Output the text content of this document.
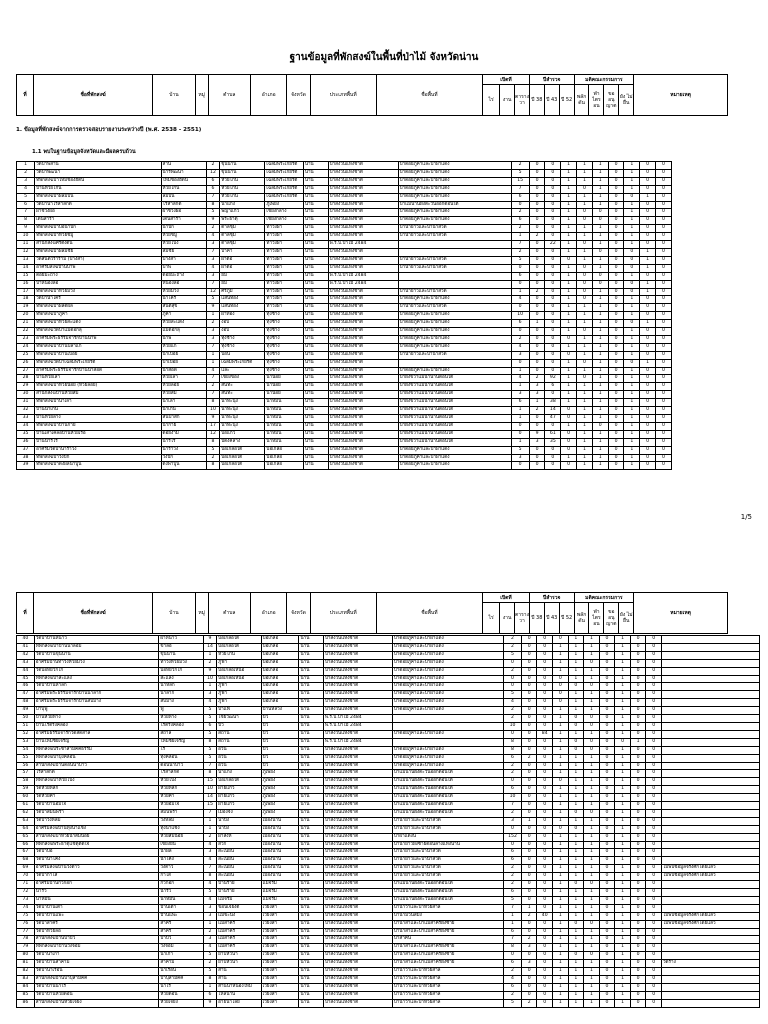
ฐานข้อมูลที่พักสงฆ์ในพื้นที่ป่าไม้ จังหวัดน่าน
ที่	ชื่อที่พักสงฆ์	บ้าน	หมู่	ตำบล	อำเภอ	จังหวัด	ประเภทพื้นที่	ชื่อพื้นที่	เปิดที			ปีสำรวจ			มติคณะกรรมการ				หมายเหตุ
									ไร่	งาน	ตาราง วา	ปี 38	ปี 43	ปี 52	พลัก ดัน	ฟ่า ไตร อน	ขอ อนุ ญาต	ยัง ไม่ ยื่น	
1. ข้อมูลที่พักสงฆ์จากการตรวจสอบรายงานระหว่างปี (พ.ศ. 2538 - 2551)
1.1 พบในฐานข้อมูลจังหวัดและมีผลครบถ้วน
1	วัดป่าพลำน	ส่าน	2	ขุนน่าน	เฉลิมพระเกียรติ	น่าน	ป่าสงวนแห่งชาติ	ป่าดอยภูคาและป่าผาแดง	2	0	0	1	1	1	0	1	0	0
2	วัดป่าพัฒนา	น้ำรีพัฒนา	12	ขุนน่าน	เฉลิมพระเกียรติ	น่าน	ป่าสงวนแห่งชาติ	ป่าดอยภูคาและป่าผาแดง	5	0	0	1	1	1	0	1	0	0
3	ที่พักสงฆ์ป่าใหม่ช่องฮัตน์	ใหม่ช่องฮัตน์	6	ห้วยโก๋น	เฉลิมพระเกียรติ	น่าน	ป่าสงวนแห่งชาติ	ป่าดอยภูคาและป่าผาแดง	15	0	0	1	1	1	0	1	0	0
4	บ้านห้วยโก๋น	ห้วยโก๋น	6	ห้วยโก๋น	เฉลิมพระเกียรติ	น่าน	ป่าสงวนแห่งชาติ	ป่าดอยภูคาและป่าผาแดง	7	0	0	1	0	1	0	1	0	0
5	ที่พักสงฆ์ป่าผลมปีน	ลมปีน	7	ห้วยโก๋น	เฉลิมพระเกียรติ	น่าน	ป่าสงวนแห่งชาติ	ป่าดอยภูคาและป่าผาแดง	6	0	0	1	1	1	0	0	1	0
6	วัดป่านาโรสาลิกด์	โรสาลิกด์	8	นาแก่ง	ภูเพียง	น่าน	ป่าสงวนแห่งชาติ	ป่าแม่น่านฝั่งตะวันออกตอนใต้	0	0	0	1	1	1	0	1	0	0
7	ผาช่วงผอ	ผาช่วงผอ	5	พญาแก้ว	เชียงกลาง	น่าน	ป่าสงวนแห่งชาติ	ป่าดอยภูคาและป่าผาแดง	2	0	0	1	0	0	0	1	0	0
8	เด่นสารา	เด่นสารา	9	พระธาตุ	เชียงกลาง	น่าน	ป่าสงวนแห่งชาติ	ป่าดอยภูคาและป่าผาแดง	6	0	0	1	0	0	0	1	0	0
9	ที่พักสงฆ์ป่าบ่อน้ำปิก	น้ำปิก	2	ตาลชุม	ท่าวังผา	น่าน	ป่าสงวนแห่งชาติ	ป่าน้ำยาวและป่าน้ำสวด	2	0	0	1	1	1	0	1	0	0
10	ที่พักสงฆ์ป่าห้วยชมู	ห้วยชมู	4	ตาลชุม	ท่าวังผา	น่าน	ป่าสงวนแห่งชาติ	ป่าน้ำยาวและป่าน้ำสวด	1	2	0	1	1	1	0	1	0	0
11	สำนักสงฆ์ศรีตั้งตน	ห้วยโป่ง	3	ตาลชุม	ท่าวังผา	น่าน	พ.ร.บ.ป่าไม้ 2484		7	0	22	1	0	1	0	1	0	0
12	ที่พักสงฆ์ป่าผลมชัย	สมชัย	7	ป่าคา	ท่าวังผา	น่าน	ป่าสงวนแห่งชาติ		2	0	0	1	1	0	0	0	1	0
13	วัดสันติวราราม (ปางสา)	ปางสา	3	ผาตอ	ท่าวังผา	น่าน	ป่าสงวนแห่งชาติ	ป่าน้ำยาวและป่าน้ำสวด	5	0	0	0	1	1	0	0	1	0
14	อาศรมสงฆ์บ้านปาพ	ปาพ	4	ผาตอ	ท่าวังผา	น่าน	ป่าสงวนแห่งชาติ	ป่าน้ำยาวและป่าน้ำสวด	0	0	0	1	0	1	0	0	1	0
15	ดอยมะถาง	ดอยมะถาง	3	ยม	ท่าวังผา	น่าน	พ.ร.บ.ป่าไม้ 2484		6	0	0	1	0	0	0	1	0	0
16	ป่าหนองล่อ	หนองล่อ	7	ยม	ท่าวังผา	น่าน	พ.ร.บ.ป่าไม้ 2484		0	0	0	1	0	0	0	0	1	0
17	ที่พักสงฆ์ป่าห้วยม่วง	ห้วยม่วง	12	ศรีภูมิ	ท่าวังผา	น่าน	ป่าสงวนแห่งชาติ	ป่าน้ำยาวและป่าน้ำสวด	1	2	0	1	0	1	0	0	1	0
18	วัดป่าน้ำไคร้	น้ำไคร้	5	แสนทอง	ท่าวังผา	น่าน	ป่าสงวนแห่งชาติ	ป่าดอยภูคาและป่าผาแดง	4	0	0	1	0	1	0	1	0	0
19	ที่พักสงฆ์ป่าผลิตผล	สันติสุข	9	แสนทอง	ท่าวังผา	น่าน	ป่าสงวนแห่งชาติ	ป่าน้ำยาวและป่าน้ำสวด	0	0	0	1	1	1	0	1	0	0
20	ที่พักสงฆ์ป่าภูคา	ภูคา	1	ผาทอง	ทุ่งช้าง	น่าน	ป่าสงวนแห่งชาติ	ป่าดอยภูคาและป่าผาแดง	10	0	0	1	1	1	0	1	0	0
21	ที่พักสงฆ์ป่าห้วยสะแตง	ห้วยสะแตง	2	งอบ	ทุ่งช้าง	น่าน	ป่าสงวนแห่งชาติ	ป่าดอยภูคาและป่าผาแดง	6	1	0	1	1	1	0	0	1	0
22	ที่พักสงฆ์วัดป่าแม่ดอกลุ	แม่ดอกลุ	3	งอบ	ทุ่งช้าง	น่าน	ป่าสงวนแห่งชาติ	ป่าดอยภูคาและป่าผาแดง	0	0	0	1	0	1	0	1	0	0
23	อาศรมพระธรรมจาริกบ้านน้ำพี	น้ำพี	3	ทุ่งช้าง	ทุ่งช้าง	น่าน	ป่าสงวนแห่งชาติ	ป่าดอยภูคาและป่าผาแดง	2	0	0	0	1	1	0	1	0	0
24	ที่พักสงฆ์ป่าบ้านปลาแก	ห้วยแก	7	ทุ่งช้าง	ทุ่งช้าง	น่าน	ป่าสงวนแห่งชาติ	ป่าดอยภูคาและป่าผาแดง	4	0	0	1	1	1	0	1	0	0
25	ที่พักสงฆ์ป่าบ้านเปือย	น้ำเปือย	1	ปอน	ทุ่งช้าง	น่าน	ป่าสงวนแห่งชาติ	ป่าน้ำยาวและป่าน้ำสวด	3	0	0	0	1	1	0	1	0	0
26	ที่พักสงฆ์วัดป่าเฉลิมพระเกียรติ	ป่าเปือย	1	เฉลิมพระเกียรติ	ทุ่งช้าง	น่าน	ป่าสงวนแห่งชาติ		0	0	0	1	0	1	0	0	1	0
27	อาศรมพระธรรมจาริกบ้านน้ำสอด	น้ำสอด	4	และ	ทุ่งช้าง	น่าน	ป่าสงวนแห่งชาติ	ป่าดอยภูคาและป่าผาแดง	1	0	0	1	1	1	0	1	0	0
28	บ้านห้วยเลา	ห้วยเลา	7	เชียงของ	นาน้อย	น่าน	ป่าสงวนแห่งชาติ	ป่าฝั่งขวาแม่น้ำน่านตอนใต้	4	2	92	1	0	1	0	1	0	0
29	ที่พักสงฆ์ป่าห้วยน้อย (ห้วยลอย)	ห้วยลอย	2	สันทะ	นาน้อย	น่าน	ป่าสงวนแห่งชาติ	ป่าฝั่งขวาแม่น้ำน่านตอนใต้	1	3	6	1	1	1	0	1	0	0
30	สำนักสงฆ์บ้านห้วยส้ม	ห้วยส้ม	7	สันทะ	นาน้อย	น่าน	ป่าสงวนแห่งชาติ	ป่าฝั่งขวาแม่น้ำน่านตอนใต้	3	3	0	1	1	1	0	1	0	0
31	ที่พักสงฆ์ป่านาเลา	นาเลา	8	นาทะนุง	นาหมื่น	น่าน	ป่าสงวนแห่งชาติ	ป่าฝั่งขวาแม่น้ำน่านตอนใต้	6	1	38	1	1	1	0	1	0	0
32	บ้านน้ำเกิน	น้ำเกิน	10	นาทะนุง	นาหมื่น	น่าน	ป่าสงวนแห่งชาติ	ป่าฝั่งขวาแม่น้ำน่านตอนใต้	1	2	14	0	1	1	0	1	0	0
33	บ้านห้วยลาง	สันป่าสัก	9	นาทะนุง	นาหมื่น	น่าน	ป่าสงวนแห่งชาติ	ป่าฝั่งขวาแม่น้ำน่านตอนใต้	1	0	47	0	1	1	0	1	0	0
34	ที่พักสงฆ์ป่าบ้านกาย	น้ำกาย	17	นาทะนุง	นาหมื่น	น่าน	ป่าสงวนแห่งชาติ	ป่าฝั่งขวาแม่น้ำน่านตอนใต้	0	0	0	1	1	0	0	1	0	0
35	บ้านเสาเคลอบ้านห้วยเรือ	ดอยงาม	12	บ่อแก้ว	นาหมื่น	น่าน	ป่าสงวนแห่งชาติ	ป่าฝั่งขวาแม่น้ำน่านตอนใต้	0	9	61	0	1	1	0	1	0	0
36	บ้านน้ำรีไร	น้ำรีไร	8	ปิตงคลาง	นาหมื่น	น่าน	ป่าสงวนแห่งชาติ	ป่าฝั่งขวาแม่น้ำน่านตอนใต้	1	3	35	0	1	1	0	1	0	0
37	อาศรมวัดป่านาราวง	นาราวง	5	บ่อเกลือใต้	บ่อเกลือ	น่าน	ป่าสงวนแห่งชาติ	ป่าดอยภูคาและป่าผาแดง	5	0	0	0	1	1	0	1	0	0
38	ที่พักสงฆ์ป่าวังปัก	วังปัก	2	บ่อเกลือใต้	บ่อเกลือ	น่าน	ป่าสงวนแห่งชาติ	ป่าดอยภูคาและป่าผาแดง	3	0	0	1	1	1	0	1	0	0
39	ที่พักสงฆ์ป่าดงผลน่าปูน	ดงพาปูน	8	บ่อเกลือใต้	บ่อเกลือ	น่าน	ป่าสงวนแห่งชาติ	ป่าดอยภูคาและป่าผาแดง	0	0	0	0	1	1	0	1	0	0
1/5
ที่	ชื่อที่พักสงฆ์	บ้าน	หมู่	ตำบล	อำเภอ	จังหวัด	ประเภทพื้นที่	ชื่อพื้นที่	เปิดที			ปีสำรวจ			มติคณะกรรมการ				หมายเหตุ
									ไร่	งาน	ตาราง วา	ปี 38	ปี 43	ปี 52	พลัก ดัน	ฟ่า ไตร อน	ขอ อนุ ญาต	ยัง ไม่ ยื่น	
40	วัดป่าบ้านหนาว	ผาหนาว	9	บ่อเกลือใต้	บ่อเกลือ	น่าน	ป่าสงวนแห่งชาติ	ป่าดอยภูคาและป่าผาแดง	2	0	0	0	1	1	0	1	0	0	
41	ที่พักสงฆ์ป่าบ้านนาลอม	ขาลอ	14	บ่อเกลือใต้	บ่อเกลือ	น่าน	ป่าสงวนแห่งชาติ	ป่าดอยภูคาและป่าผาแดง	2	0	0	1	1	1	0	1	0	0	
42	วัดป่าบ้านขุนน่าน	ขุนน่าน	1	ห้วยโก๋น	บ่อเกลือ	น่าน	ป่าสงวนแห่งชาติ	ป่าดอยภูคาและป่าผาแดง	5	0	0	1	1	1	0	1	0	0	
43	อาศรมบ้านท่าวังห้วยม่วง	ท่าวังห้วยม่วง	2	ภูฟ้า	บ่อเกลือ	น่าน	ป่าสงวนแห่งชาติ	ป่าดอยภูคาและป่าผาแดง	0	0	0	1	1	0	0	1	0	0	
44	วัดบ่อหยวกไก่	บ่อหยวกไก่	9	บ่อเกลือเหนือ	บ่อเกลือ	น่าน	ป่าสงวนแห่งชาติ	ป่าดอยภูคาและป่าผาแดง	2	0	0	1	1	1	0	1	0	0	
45	ที่พักสงฆ์ป่าสะแลง	สะแลง	10	บ่อเกลือเหนือ	บ่อเกลือ	น่าน	ป่าสงวนแห่งชาติ	ป่าดอยภูคาและป่าผาแดง	0	0	0	0	1	1	0	1	0	0	
46	วัดป่าบ้านหาลก	นาหลก	1	ภูฟ้า	บ่อเกลือ	น่าน	ป่าสงวนแห่งชาติ	ป่าดอยภูคาและป่าผาแดง	0	0	0	0	0	0	0	1	0	0	
47	อาศรมพระธรรมจาริกบ้านนาลาก	นาลาก	3	ภูฟ้า	บ่อเกลือ	น่าน	ป่าสงวนแห่งชาติ	ป่าดอยภูคาและป่าผาแดง	5	0	0	0	1	1	0	1	0	0	
48	อาศรมพระธรรมจาริกบ้านสบมาง	สบมาง	4	ภูฟ้า	บ่อเกลือ	น่าน	ป่าสงวนแห่งชาติ	ป่าดอยภูคาและป่าผาแดง	4	0	0	0	1	1	0	1	0	0	
49	ป่าบุฟู	ฟู	5	ป่าแฟ้	บ้านหลวง	น่าน	ป่าสงวนแห่งชาติ	ป่าดอยภูคาและป่าผาแดง	2	0	0	1	1	1	0	1	0	0	
50	บ้านห้วยหาง	ห้วยหาง	5	ไชยวัฒนา	ปัว	น่าน	พ.ร.บ.ป่าไม้ 2484		2	0	0	1	0	0	0	1	0	0	
51	บ้านไร่ตรงคลอง	ไร่ตรงคลอง	6	ปัว	ปัว	น่าน	พ.ร.บ.ป่าไม้ 2484		10	0	0	1	0	0	0	1	0	0	
52	อาศรมธรรมจาริกวัดสดสาลี	สถาลี	5	สถาน	ปัว	น่าน	ป่าสงวนแห่งชาติ	ป่าดอยภูคาและป่าผาแดง	0	0	84	1	1	1	0	1	0	0	
53	บ้านใหม่ชัยเจริญ	ใหม่ชัยเจริญ	8	สถาน	ปัว	น่าน	พ.ร.บ.ป่าไม้ 2484		8	0	0	1	0	0	0	0	1	0	
54	ที่พักสงฆ์ประชาสามัคคีธรรม	ไร่	5	อวน	ปัว	น่าน	ป่าสงวนแห่งชาติ	ป่าดอยภูคาและป่าผาแดง	8	0	0	1	0	0	0	1	0	0	
55	ที่พักสงฆ์ป่าบุ่งคล้อน	ทุ่งคล้อน	5	อวน	ปัว	น่าน	ป่าสงวนแห่งชาติ	ป่าดอยภูคาและป่าผาแดง	6	2	0	1	1	1	0	1	0	0	
56	สำนักสงฆ์บ้านดอนนาบาว	ดอนนาบาว	7	อวน	ปัว	น่าน	ป่าสงวนแห่งชาติ	ป่าดอยภูคาและป่าผาแดง	2	0	0	1	1	1	0	1	0	0	
57	โรสาลิกด์	โรสาลิกด์	8	นาแก่ง	ภูเพียง	น่าน	ป่าสงวนแห่งชาติ	ป่าแม่น่านฝั่งตะวันออกตอนใต้	2	0	0	1	1	1	0	1	0	0	
58	ที่พักสงฆ์ป่าห้วยโป่ง	ห้วยโป่ง	15	บ่อเกลือใต้	ภูเพียง	น่าน	ป่าสงวนแห่งชาติ	ป่าแม่น่านฝั่งตะวันออกตอนใต้	0	0	0	0	1	1	0	1	0	0	
59	วัดห้วยหลิก	ห้วยหลิก	10	ฝายแก้ว	ภูเพียง	น่าน	ป่าสงวนแห่งชาติ	ป่าแม่น่านฝั่งตะวันออกตอนใต้	6	0	0	1	1	1	0	1	0	0	
60	วัดห้วยคำ	ห้วยคำ	14	ฝายแก้ว	ภูเพียง	น่าน	ป่าสงวนแห่งชาติ	ป่าแม่น่านฝั่งตะวันออกตอนใต้	10	0	0	1	1	1	0	1	0	0	
61	วัดป่าบ้านอิ่มใจ	ห้วยอิ่มใจ	15	ฝายแก้ว	ภูเพียง	น่าน	ป่าสงวนแห่งชาติ	ป่าแม่น่านฝั่งตะวันออกตอนใต้	7	0	0	1	1	1	0	1	0	0	
62	วัดป่าสมนพรา	สมนพรา	7	เมืองจัง	ภูเพียง	น่าน	ป่าสงวนแห่งชาติ	ป่าแม่น่านฝั่งตะวันออกตอนใต้	2	0	0	1	0	0	0	1	0	0	
63	วัดป่าวังหลม	วังหลม	1	นาปัง	เมืองน่าน	น่าน	ป่าสงวนแห่งชาติ	ป่าน้ำยาวและป่าน้ำสวด	3	1	0	1	1	1	0	1	0	0	
64	อาศรมสงฆ์บ้านทุ่งนาแช่ง	ทุ่งนาแช่ง	1	นาปัง	เมืองน่าน	น่าน	ป่าสงวนแห่งชาติ	ป่าน้ำยาวและป่าน้ำสวด	0	0	0	0	0	1	0	1	0	0	
65	สำนักสงฆ์ป่าห้วยน้ำส้มน้อย	ห้วยส้มน้อย	2	ผาสิงห์	เมืองน่าน	น่าน	ป่าสงวนแห่งชาติ	ป่าผาแดงน	152	0	0	1	1	1	0	1	0	0	
66	ที่พักสงฆ์พระธาตุแช่ตุติดใจ	เชียงยืน	4	สวก	เมืองน่าน	น่าน	ป่าสงวนแห่งชาติ	ป่าน้ำยาวฝั่งซ้ายตอนล่างแห่งน่าน	0	0	0	1	1	1	0	1	0	0	
67	วัดป่าบ่อ	น้ำผลี	3	สะเนียน	เมืองน่าน	น่าน	ป่าสงวนแห่งชาติ	ป่าน้ำยาวและป่าน้ำสวด	6	0	0	1	1	1	0	1	0	0	
68	วัดป่าน้ำโค้ง	น้ำโค้ง	4	สะเนียน	เมืองน่าน	น่าน	ป่าสงวนแห่งชาติ	ป่าน้ำยาวและป่าน้ำสวด	6	0	0	1	1	1	0	1	0	0	
69	อาศรมสงฆ์บ้านวังตาว	วังตาว	7	สะเนียน	เมืองน่าน	น่าน	ป่าสงวนแห่งชาติ	ป่าน้ำยาวและป่าน้ำสวด	2	0	0	1	1	1	0	1	0	0	ไม่พบข้อมูลจริงศึกโดยแล้ว
70	วัดป่ากาไส	กาไส	8	สะเนียน	เมืองน่าน	น่าน	ป่าสงวนแห่งชาติ	ป่าน้ำยาวและป่าน้ำสวด	2	0	0	1	1	1	0	1	0	0	ไม่พบข้อมูลจริงศึกโดยแล้ว
71	อาศรมบ้านกิ่วกอก	กิ่วกอก	4	บ้านร่าย	แม่จริม	น่าน	ป่าสงวนแห่งชาติ	ป่าแม่น่านฝั่งตะวันออกตอนใต้	2	0	0	1	0	0	0	1	0	0	
72	น้ำรัว	น้ำรัว	5	บ้านร่าย	แม่จริม	น่าน	ป่าสงวนแห่งชาติ	ป่าแม่น่านฝั่งตะวันออกตอนใต้	6	0	0	1	1	1	0	1	0	0	
73	นาหมัน	นาหมัน	4	แม่จริม	แม่จริม	น่าน	ป่าสงวนแห่งชาติ	ป่าแม่น่านฝั่งตะวันออกตอนใต้	5	0	0	1	1	1	0	1	0	0	
74	วัดป่าบ้านเต๋า	บ้านเต๋า	3	ขอนเจียงต์	เวียงสา	น่าน	ป่าสงวนแห่งชาติ	ป่าน้ำว้าและป่าห้วยสาลี	7	1	0	1	1	1	0	1	0	0	
75	วัดป่าบ้านแพะ	บ้านแพะ	3	แม่ขะนิง	เวียงสา	น่าน	ป่าสงวนแห่งชาติ	ป่าน้ำมวนสมิง	1	2	40	1	1	1	0	1	0	0	ไม่พบข้อมูลจริงศึกโดยแล้ว
76	วัดป่าสาคร	สาคร	1	แม่สาคร	เวียงสา	น่าน	ป่าสงวนแห่งชาติ	ป่าน้ำสาและป่าแม่สาครฝั่งซ้าย	1	0	0	1	0	0	0	1	0	0	ไม่พบข้อมูลจริงศึกโดยแล้ว
77	วัดป่าห้วยลอ	สาคร	2	แม่สาคร	เวียงสา	น่าน	ป่าสงวนแห่งชาติ	ป่าน้ำสาและป่าแม่สาครฝั่งซ้าย	6	0	0	1	1	1	0	1	0	0	
78	สำนักสงฆ์บ้านป่าบัว	ป่าบัว	3	แม่สาคร	เวียงสา	น่าน	ป่าสงวนแห่งชาติ	ป่าสาคิน	7	2	0	1	1	1	0	1	0	0	
79	ที่พักสงฆ์ป่าบ้านวังจ้อม	วังจ้อม	4	แม่สาคร	เวียงสา	น่าน	ป่าสงวนแห่งชาติ	ป่าน้ำสาและป่าแม่สาครฝั่งซ้าย	8	3	0	1	1	1	0	1	0	0	
80	วัดป่านาเก่า	นาเก่า	5	ยาบหัวนา	เวียงสา	น่าน	ป่าสงวนแห่งชาติ	ป่าน้ำสาและป่าแม่สาครฝั่งซ้าย	0	0	0	1	0	0	0	1	0	0	
81	วัดป่าบ้านสาคาม	สาคาม	2	ยาบหัวนา	เวียงสา	น่าน	ป่าสงวนแห่งชาติ	ป่าน้ำสาและป่าแม่สาครฝั่งซ้าย	6	3	0	1	1	1	0	1	0	0	วัดร้าง
82	วัดป่านาเรือน	นาเรือน	5	ส้าน	เวียงสา	น่าน	ป่าสงวนแห่งชาติ	ป่าน้ำว้าและป่าห้วยสาลี	2	0	0	1	1	1	0	1	0	0	
83	สำนักสงฆ์บ้านป่าปุสามัคคี	ป่าปุสามัคคี	8	ส้าน	เวียงสา	น่าน	ป่าสงวนแห่งชาติ	ป่าน้ำว้าและป่าห้วยสาลี	4	0	0	1	1	1	0	1	0	0	
84	วัดป่าบ้านนาใร	นาไร่	1	ส้านนาหนองใหม่	เวียงสา	น่าน	ป่าสงวนแห่งชาติ	ป่าน้ำว้าและป่าห้วยสาลี	6	0	0	1	1	1	0	1	0	0	
85	วัดป่าบ้านห้วยดอน	ห้วยดอน	6	ไหล่น่าน	เวียงสา	น่าน	ป่าสงวนแห่งชาติ	ป่าน้ำว้าและป่าห้วยสาลี	2	0	0	1	1	1	0	1	0	0	
86	สำนักสงฆ์บ้านห้วยเจียง	ห้วยเจียง	9	อ่ายนาไลย	เวียงสา	น่าน	ป่าสงวนแห่งชาติ	ป่าน้ำว้าและป่าห้วยสาลี	5	2	0	1	1	1	0	1	0	0	
